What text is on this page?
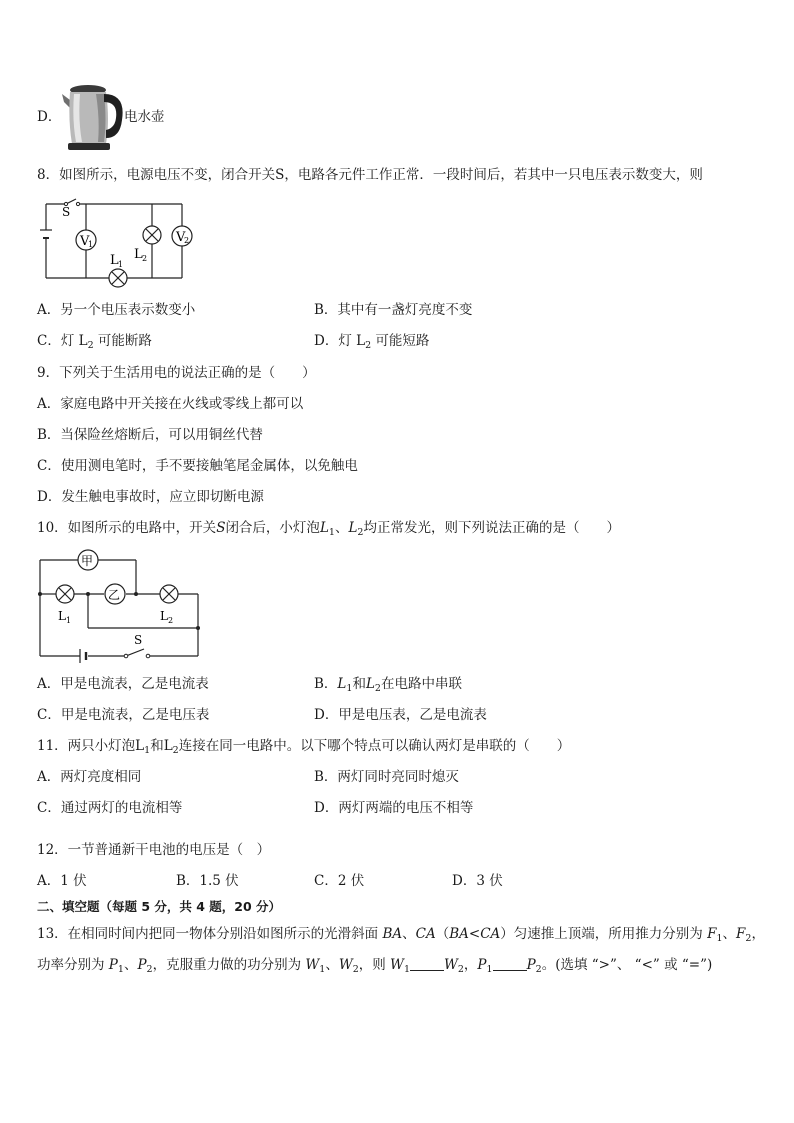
D．	电水壶
8．如图所示，电源电压不变，闭合开关S，电路各元件工作正常．一段时间后，若其中一只电压表示数变大，则
V
1
L 2
V
2
L 1
S
A．另一个电压表示数变小	B．其中有一盏灯亮度不变
C．灯 $L_2$ 可能断路	D．灯 $L_2$ 可能短路
9．下列关于生活用电的说法正确的是（　　）
A．家庭电路中开关接在火线或零线上都可以
B．当保险丝熔断后，可以用铜丝代替
C．使用测电笔时，手不要接触笔尾金属体，以免触电
D．发生触电事故时，应立即切断电源
10．如图所示的电路中，开关S闭合后，小灯泡$L_1$、$L_2$均正常发光，则下列说法正确的是（　　）
甲
L 1
乙
L 2
S
A．甲是电流表，乙是电流表	B．$L_1$和$L_2$在电路中串联
C．甲是电流表，乙是电压表	D．甲是电压表，乙是电流表
11．两只小灯泡$L_1$和$L_2$连接在同一电路中。以下哪个特点可以确认两灯是串联的（　　）
A．两灯亮度相同	B．两灯同时亮同时熄灭
C．通过两灯的电流相等	D．两灯两端的电压不相等
12．一节普通新干电池的电压是（　）
A．1 伏	B．1.5 伏	C．2 伏	D．3 伏
二、填空题（每题 5 分，共 4 题，20 分）
13．在相同时间内把同一物体分别沿如图所示的光滑斜面 BA、CA（BA<CA）匀速推上顶端，所用推力分别为 $F_1$、$F_2$，
功率分别为 $P_1$、$P_2$，克服重力做的功分别为 $W_1$、$W_2$，则 $W_1$	$W_2$，$P_1$	$P_2$。(选填 “>”、 “<” 或 “=”)
